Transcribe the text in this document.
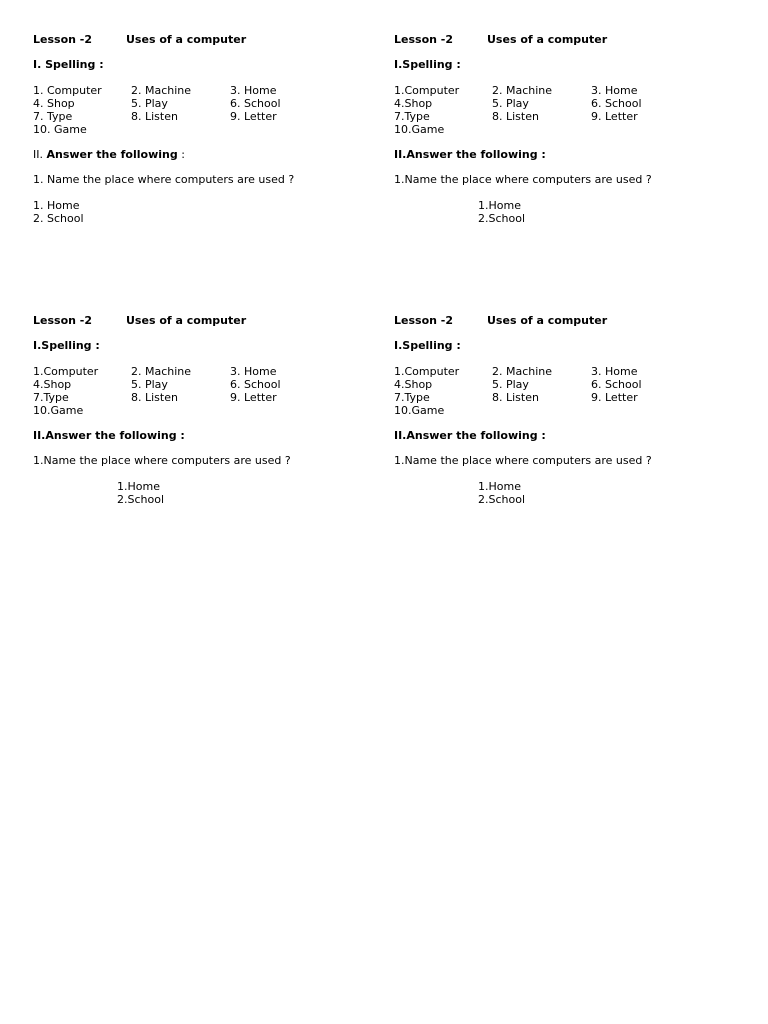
Lesson -2	Uses of a computer
I. Spelling :
1. Computer	2. Machine	3. Home
4. Shop	5. Play	6. School
7. Type	8. Listen	9. Letter
10. Game
II. Answer the following :
1. Name the place where computers are used ?
1. Home
2. School
Lesson -2	Uses of a computer
I.Spelling :
1.Computer	2. Machine	3. Home
4.Shop	5. Play	6. School
7.Type	8. Listen	9. Letter
10.Game
II.Answer the following :
1.Name the place where computers are used ?
1.Home
2.School
Lesson -2	Uses of a computer
I.Spelling :
1.Computer	2. Machine	3. Home
4.Shop	5. Play	6. School
7.Type	8. Listen	9. Letter
10.Game
II.Answer the following :
1.Name the place where computers are used ?
1.Home
2.School
Lesson -2	Uses of a computer
I.Spelling :
1.Computer	2. Machine	3. Home
4.Shop	5. Play	6. School
7.Type	8. Listen	9. Letter
10.Game
II.Answer the following :
1.Name the place where computers are used ?
1.Home
2.School
